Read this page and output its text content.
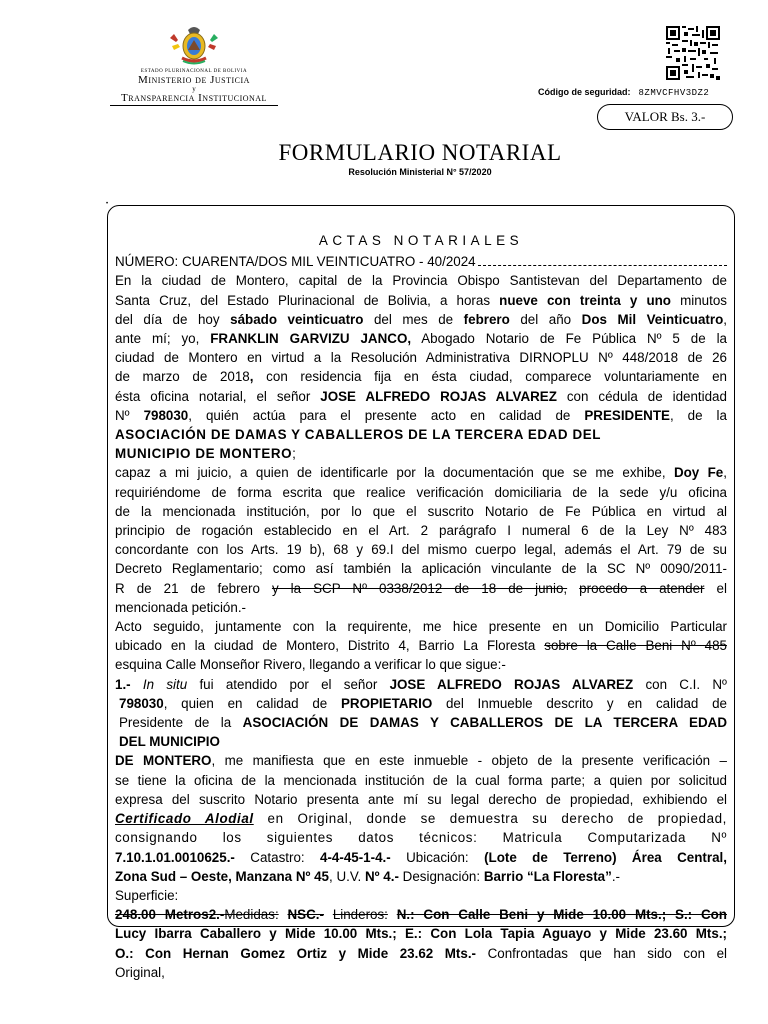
ESTADO PLURINACIONAL DE BOLIVIA
Ministerio de Justicia
y
Transparencia Institucional	Código de seguridad: 8ZMVCFHV3DZ2
VALOR Bs. 3.-
FORMULARIO NOTARIAL
Resolución Ministerial N° 57/2020
•

ACTAS NOTARIALES

NÚMERO: CUARENTA/DOS MIL VEINTICUATRO - 40/2024

En la ciudad de Montero, capital de la Provincia Obispo Santistevan del Departamento de

Santa Cruz, del Estado Plurinacional de Bolivia, a horas nueve con treinta y uno minutos

del día de hoy sábado veinticuatro del mes de febrero del año Dos Mil Veinticuatro,

ante mí; yo, FRANKLIN GARVIZU JANCO, Abogado Notario de Fe Pública Nº 5 de la

ciudad de Montero en virtud a la Resolución Administrativa DIRNOPLU Nº 448/2018 de 26

de marzo de 2018, con residencia fija en ésta ciudad, comparece voluntariamente en

ésta oficina notarial, el señor JOSE ALFREDO ROJAS ALVAREZ con cédula de identidad

Nº 798030, quién actúa para el presente acto en calidad de PRESIDENTE, de la

ASOCIACIÓN DE DAMAS Y CABALLEROS DE LA TERCERA EDAD DEL

MUNICIPIO DE MONTERO;

capaz a mi juicio, a quien de identificarle por la documentación que se me exhibe, Doy Fe,

requiriéndome de forma escrita que realice verificación domiciliaria de la sede y/u oficina

de la mencionada institución, por lo que el suscrito Notario de Fe Pública en virtud al

principio de rogación establecido en el Art. 2 parágrafo I numeral 6 de la Ley Nº 483

concordante con los Arts. 19 b), 68 y 69.I del mismo cuerpo legal, además el Art. 79 de su

Decreto Reglamentario; como así también la aplicación vinculante de la SC Nº 0090/2011-

R de 21 de febrero y la SCP Nº 0338/2012 de 18 de junio, procedo a atender el

mencionada petición.-

Acto seguido, juntamente con la requirente, me hice presente en un Domicilio Particular

ubicado en la ciudad de Montero, Distrito 4, Barrio La Floresta sobre la Calle Beni Nº 485

esquina Calle Monseñor Rivero, llegando a verificar lo que sigue:-

1.- In situ fui atendido por el señor JOSE ALFREDO ROJAS ALVAREZ con C.I. Nº

798030, quien en calidad de PROPIETARIO del Inmueble descrito y en calidad de

Presidente de la ASOCIACIÓN DE DAMAS Y CABALLEROS DE LA TERCERA EDAD

DEL MUNICIPIO

DE MONTERO, me manifiesta que en este inmueble - objeto de la presente verificación –

se tiene la oficina de la mencionada institución de la cual forma parte; a quien por solicitud

expresa del suscrito Notario presenta ante mí su legal derecho de propiedad, exhibiendo el

Certificado Alodial en Original, donde se demuestra su derecho de propiedad,

consignando los siguientes datos técnicos: Matricula Computarizada Nº

7.10.1.01.0010625.- Catastro: 4-4-45-1-4.- Ubicación: (Lote de Terreno) Área Central,

Zona Sud – Oeste, Manzana Nº 45, U.V. Nº 4.- Designación: Barrio “La Floresta”.-

Superficie:

248.00 Metros2.-Medidas: NSC.- Linderos: N.: Con Calle Beni y Mide 10.00 Mts.; S.: Con

Lucy Ibarra Caballero y Mide 10.00 Mts.; E.: Con Lola Tapia Aguayo y Mide 23.60 Mts.;

O.: Con Hernan Gomez Ortiz y Mide 23.62 Mts.- Confrontadas que han sido con el

Original,
